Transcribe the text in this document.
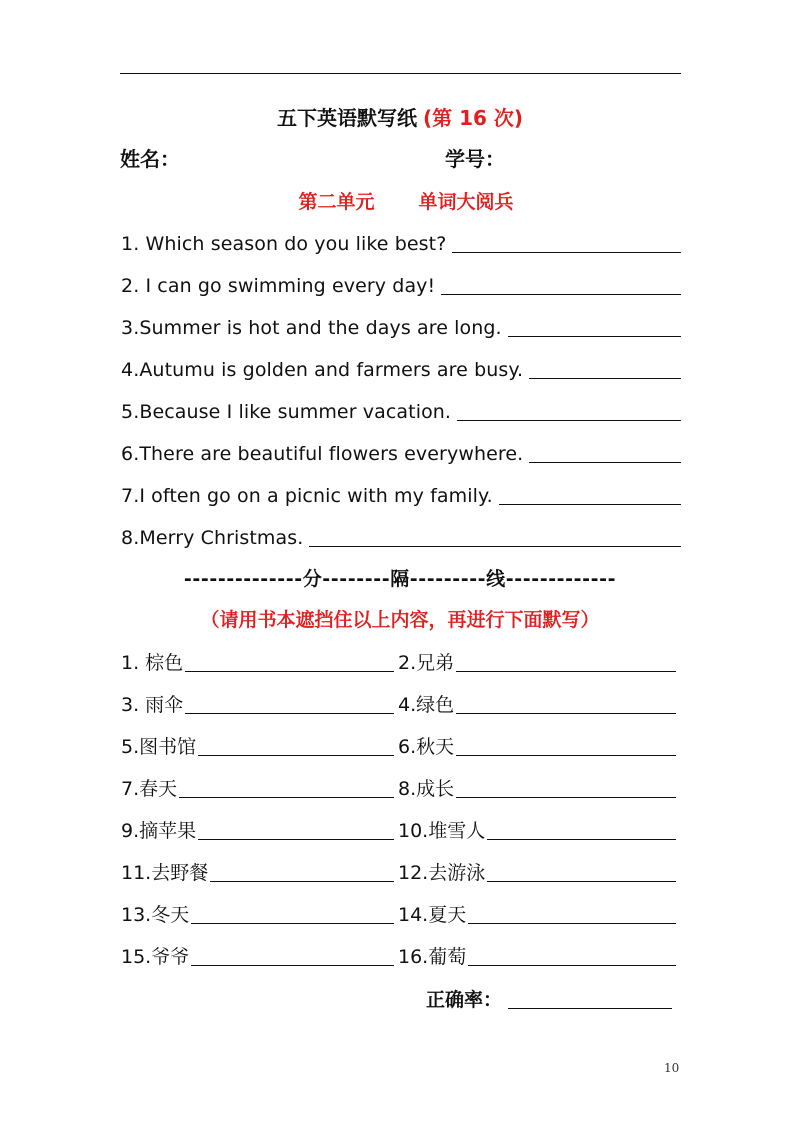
五下英语默写纸 (第 16 次)
姓名：	学号：
第二单元 单词大阅兵
1. Which season do you like best?
2. I can go swimming every day!
3.Summer is hot and the days are long.
4.Autumu is golden and farmers are busy.
5.Because I like summer vacation.
6.There are beautiful flowers everywhere.
7.I often go on a picnic with my family.
8.Merry Christmas.
--------------分--------隔---------线-------------
（请用书本遮挡住以上内容，再进行下面默写）
1. 棕色	2.兄弟
3. 雨伞	4.绿色
5.图书馆	6.秋天
7.春天	8.成长
9.摘苹果	10.堆雪人
11.去野餐	12.去游泳
13.冬天	14.夏天
15.爷爷	16.葡萄
正确率：
10
